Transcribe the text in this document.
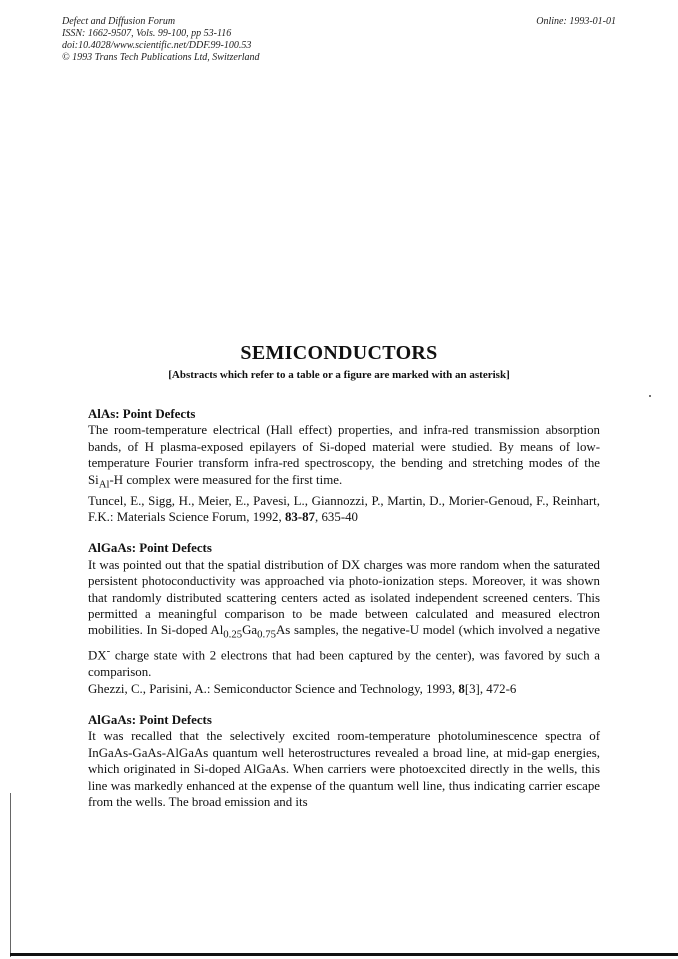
Defect and Diffusion Forum
ISSN: 1662-9507, Vols. 99-100, pp 53-116
doi:10.4028/www.scientific.net/DDF.99-100.53
© 1993 Trans Tech Publications Ltd, Switzerland
Online: 1993-01-01
SEMICONDUCTORS
[Abstracts which refer to a table or a figure are marked with an asterisk]
AlAs: Point Defects
The room-temperature electrical (Hall effect) properties, and infra-red transmission absorption bands, of H plasma-exposed epilayers of Si-doped material were studied. By means of low-temperature Fourier transform infra-red spectroscopy, the bending and stretching modes of the $Si_{Al}-H$ complex were measured for the first time.
Tuncel, E., Sigg, H., Meier, E., Pavesi, L., Giannozzi, P., Martin, D., Morier-Genoud, F., Reinhart, F.K.: Materials Science Forum, 1992, 83-87, 635-40
AlGaAs: Point Defects
It was pointed out that the spatial distribution of DX charges was more random when the saturated persistent photoconductivity was approached via photo-ionization steps. Moreover, it was shown that randomly distributed scattering centers acted as isolated independent screened centers. This permitted a meaningful comparison to be made between calculated and measured electron mobilities. In Si-doped $Al_{0.25}Ga_{0.75}As$ samples, the negative-U model (which involved a negative DX- charge state with 2 electrons that had been captured by the center), was favored by such a comparison.
Ghezzi, C., Parisini, A.: Semiconductor Science and Technology, 1993, 8[3], 472-6
AlGaAs: Point Defects
It was recalled that the selectively excited room-temperature photoluminescence spectra of InGaAs-GaAs-AlGaAs quantum well heterostructures revealed a broad line, at mid-gap energies, which originated in Si-doped AlGaAs. When carriers were photoexcited directly in the wells, this line was markedly enhanced at the expense of the quantum well line, thus indicating carrier escape from the wells. The broad emission and its
